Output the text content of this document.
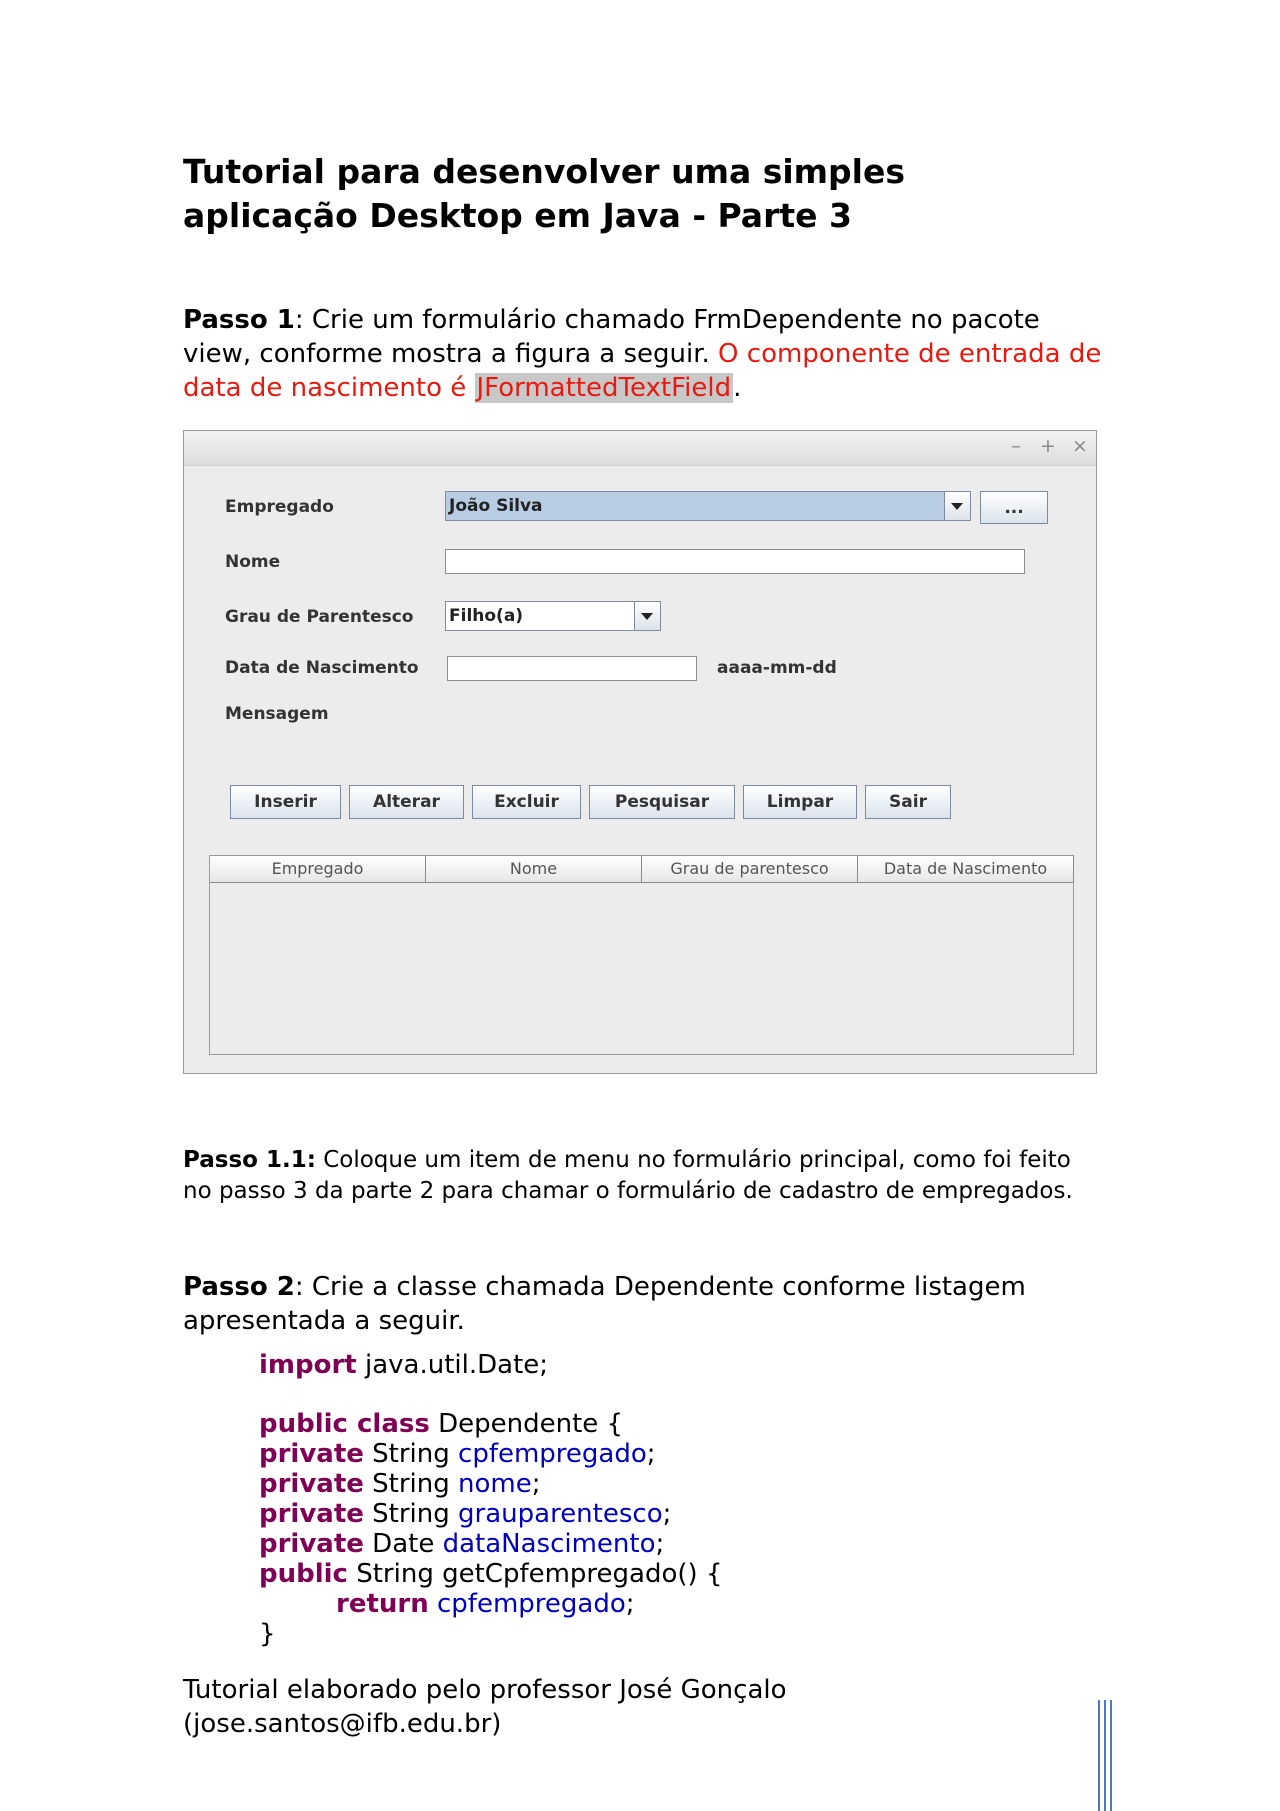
Tutorial para desenvolver uma simples
aplicação Desktop em Java - Parte 3

Passo 1: Crie um formulário chamado FrmDependente no pacote
view, conforme mostra a figura a seguir. O componente de entrada de
data de nascimento é JFormattedTextField.

–	+ ×
Empregado	João Silva	...
Nome
Grau de Parentesco Filho(a)
Data de Nascimento	aaaa-mm-dd
Mensagem
Inserir	Alterar	Excluir	Pesquisar	Limpar	Sair
Empregado	Nome	Grau de parentesco	Data de Nascimento

Passo 1.1: Coloque um item de menu no formulário principal, como foi feito
no passo 3 da parte 2 para chamar o formulário de cadastro de empregados.

Passo 2: Crie a classe chamada Dependente conforme listagem
apresentada a seguir.

import java.util.Date;
public class Dependente {
private String cpfempregado;
private String nome;
private String grauparentesco;
private Date dataNascimento;
public String getCpfempregado() {
return cpfempregado;
}

Tutorial elaborado pelo professor José Gonçalo
(jose.santos@ifb.edu.br)
